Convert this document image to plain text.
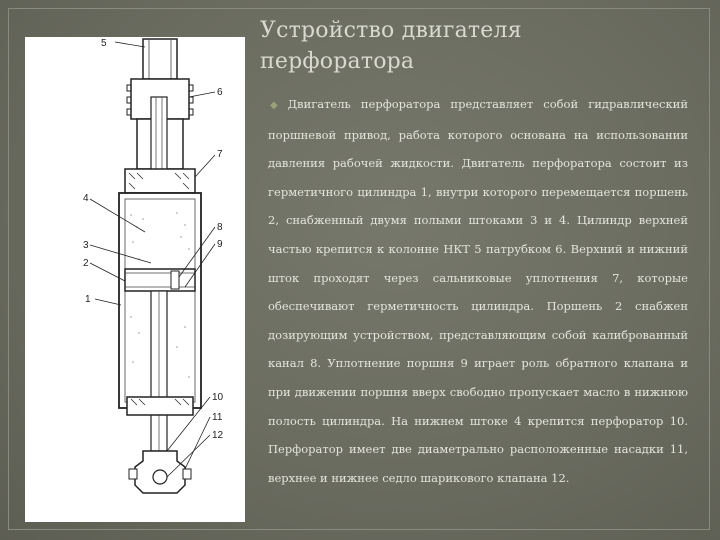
5
6
7
4
3
2
8
9
1
10
11
12
Устройство двигателя перфоратора

◆ Двигатель перфоратора представляет собой гидравлический поршневой привод, работа которого основана на использовании давления рабочей жидкости. Двигатель перфоратора состоит из герметичного цилиндра 1, внутри которого перемещается поршень 2, снабженный двумя полыми штоками 3 и 4. Цилиндр верхней частью крепится к колонне НКТ 5 патрубком 6. Верхний и нижний шток проходят через сальниковые уплотнения 7, которые обеспечивают герметичность цилиндра. Поршень 2 снабжен дозирующим устройством, представляющим собой калиброванный канал 8. Уплотнение поршня 9 играет роль обратного клапана и при движении поршня вверх свободно пропускает масло в нижнюю полость цилиндра. На нижнем штоке 4 крепится перфоратор 10. Перфоратор имеет две диаметрально расположенные насадки 11, верхнее и нижнее седло шарикового клапана 12.
